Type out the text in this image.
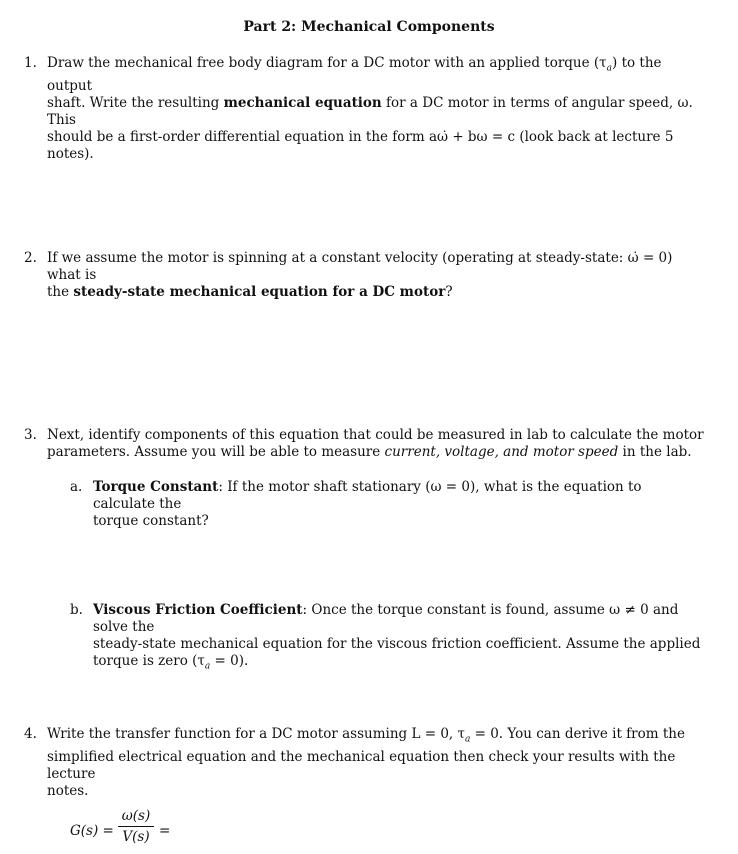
Part 2: Mechanical Components
1. Draw the mechanical free body diagram for a DC motor with an applied torque $(\tau_a)$ to the output
shaft. Write the resulting mechanical equation for a DC motor in terms of angular speed, ω. This
should be a first-order differential equation in the form aω̇ + bω = c (look back at lecture 5 notes).
2. If we assume the motor is spinning at a constant velocity (operating at steady-state: ω̇ = 0) what is
the steady-state mechanical equation for a DC motor?
3. Next, identify components of this equation that could be measured in lab to calculate the motor
parameters. Assume you will be able to measure current, voltage, and motor speed in the lab.
a. Torque Constant: If the motor shaft stationary (ω = 0), what is the equation to calculate the
torque constant?
b. Viscous Friction Coefficient: Once the torque constant is found, assume ω ≠ 0 and solve the
steady-state mechanical equation for the viscous friction coefficient. Assume the applied
torque is zero $(\tau_a = 0)$.
4. Write the transfer function for a DC motor assuming L = 0, $\tau_a = 0$. You can derive it from the
simplified electrical equation and the mechanical equation then check your results with the lecture
notes.
G(s) =
ω(s)
V(s) =
